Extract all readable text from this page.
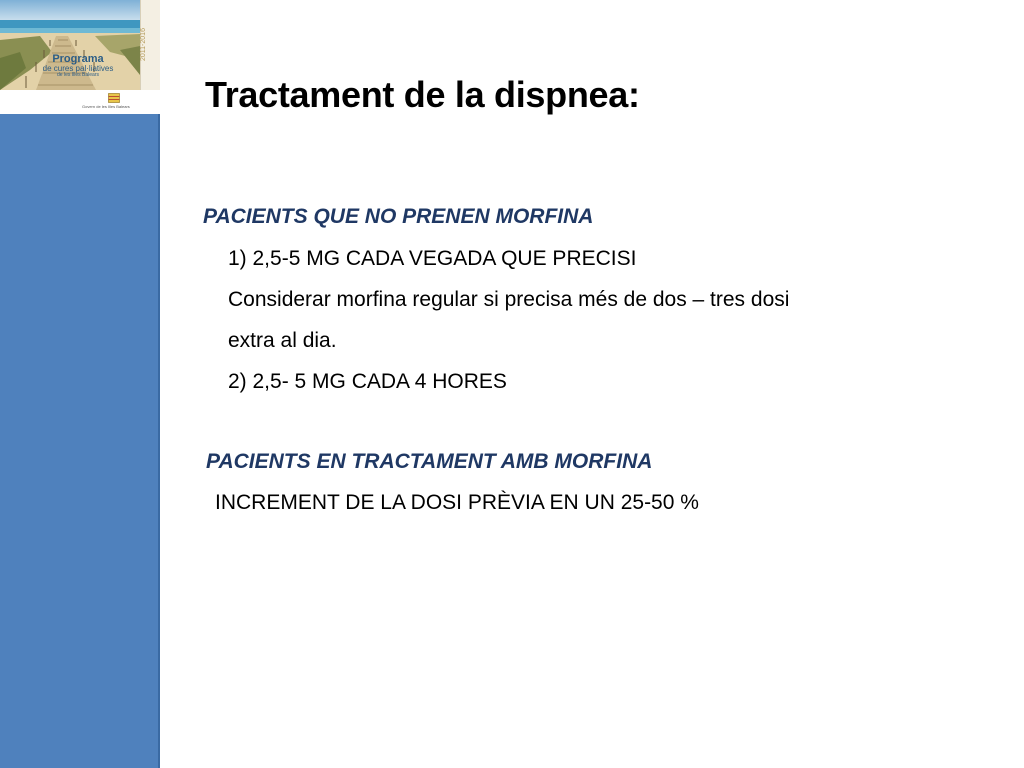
Programa
de cures pal·liatives
de les Illes Balears
2011-2016
Govern de les Illes Balears Tractament de la dispnea:
PACIENTS QUE NO PRENEN MORFINA
1) 2,5-5 MG CADA VEGADA QUE PRECISI
Considerar morfina regular si precisa més de dos – tres dosi
extra al dia.
2) 2,5- 5 MG CADA 4 HORES
PACIENTS EN TRACTAMENT AMB MORFINA
INCREMENT DE LA DOSI PRÈVIA EN UN 25-50 %
